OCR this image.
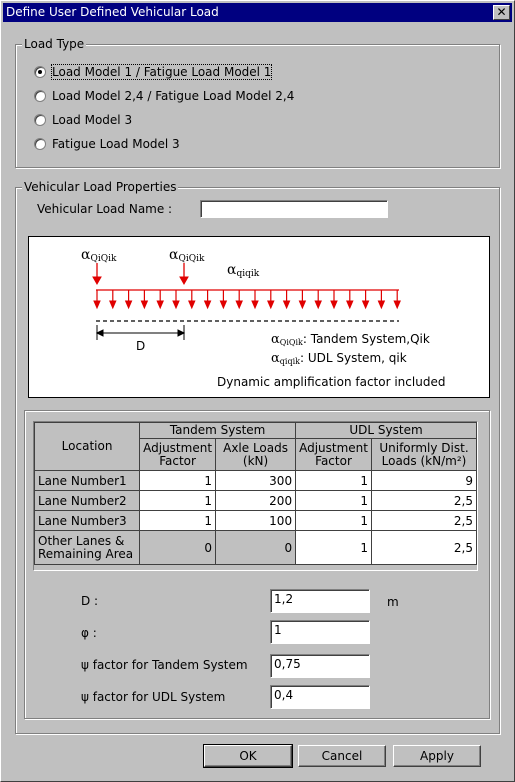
Define User Defined Vehicular Load	✕
Load Type
Load Model 1 / Fatigue Load Model 1
Load Model 2,4 / Fatigue Load Model 2,4
Load Model 3
Fatigue Load Model 3
Vehicular Load Properties
Vehicular Load Name :
αQiQik	αQiQik
αqiqik
D	αQiQik: Tandem System,Qik
αqiqik: UDL System, qik
Dynamic amplification factor included
Location	Tandem System		UDL System	
	Adjustment Factor	Axle Loads (kN)	Adjustment Factor	Uniformly Dist. Loads (kN/m²)
Lane Number1	1	300	1	9
Lane Number2	1	200	1	2,5
Lane Number3	1	100	1	2,5
Other Lanes & Remaining Area	0	0	1	2,5
D :	1,2	m
φ :	1
ψ factor for Tandem System	0,75
ψ factor for UDL System	0,4
OK	Cancel	Apply
